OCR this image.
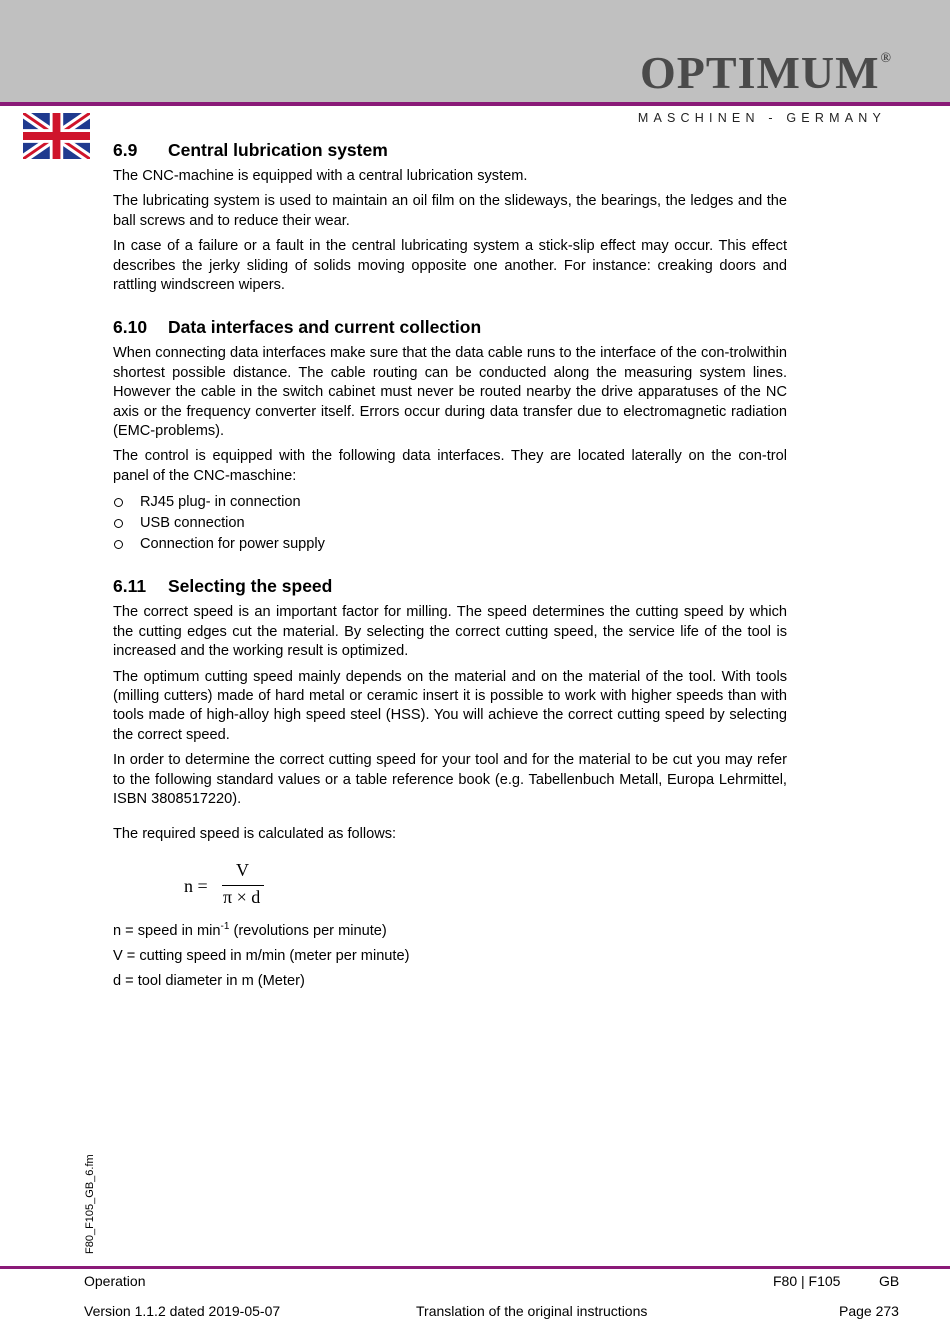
OPTIMUM®
MASCHINEN - GERMANY
6.9	Central lubrication system

The CNC-machine is equipped with a central lubrication system.

The lubricating system is used to maintain an oil film on the slideways, the bearings, the ledges and the ball screws and to reduce their wear.

In case of a failure or a fault in the central lubricating system a stick-slip effect may occur. This effect describes the jerky sliding of solids moving opposite one another. For instance: creaking doors and rattling windscreen wipers.

6.10	Data interfaces and current collection

When connecting data interfaces make sure that the data cable runs to the interface of the con-trolwithin shortest possible distance. The cable routing can be conducted along the measuring system lines. However the cable in the switch cabinet must never be routed nearby the drive apparatuses of the NC axis or the frequency converter itself. Errors occur during data transfer due to electromagnetic radiation (EMC-problems).

The control is equipped with the following data interfaces. They are located laterally on the con-trol panel of the CNC-maschine:

RJ45 plug- in connection
USB connection
Connection for power supply
6.11	Selecting the speed

The correct speed is an important factor for milling. The speed determines the cutting speed by which the cutting edges cut the material. By selecting the correct cutting speed, the service life of the tool is increased and the working result is optimized.

The optimum cutting speed mainly depends on the material and on the material of the tool. With tools (milling cutters) made of hard metal or ceramic insert it is possible to work with higher speeds than with tools made of high-alloy high speed steel (HSS). You will achieve the correct cutting speed by selecting the correct speed.

In order to determine the correct cutting speed for your tool and for the material to be cut you may refer to the following standard values or a table reference book (e.g. Tabellenbuch Metall, Europa Lehrmittel, ISBN 3808517220).

The required speed is calculated as follows:

n =
V
π × d

n = speed in $\min^{-1}$ (revolutions per minute)

V = cutting speed in m/min (meter per minute)

d = tool diameter in m (Meter)

F80_F105_GB_6.fm
Operation	F80 | F105	GB
Version 1.1.2 dated 2019-05-07	Translation of the original instructions	Page 273
